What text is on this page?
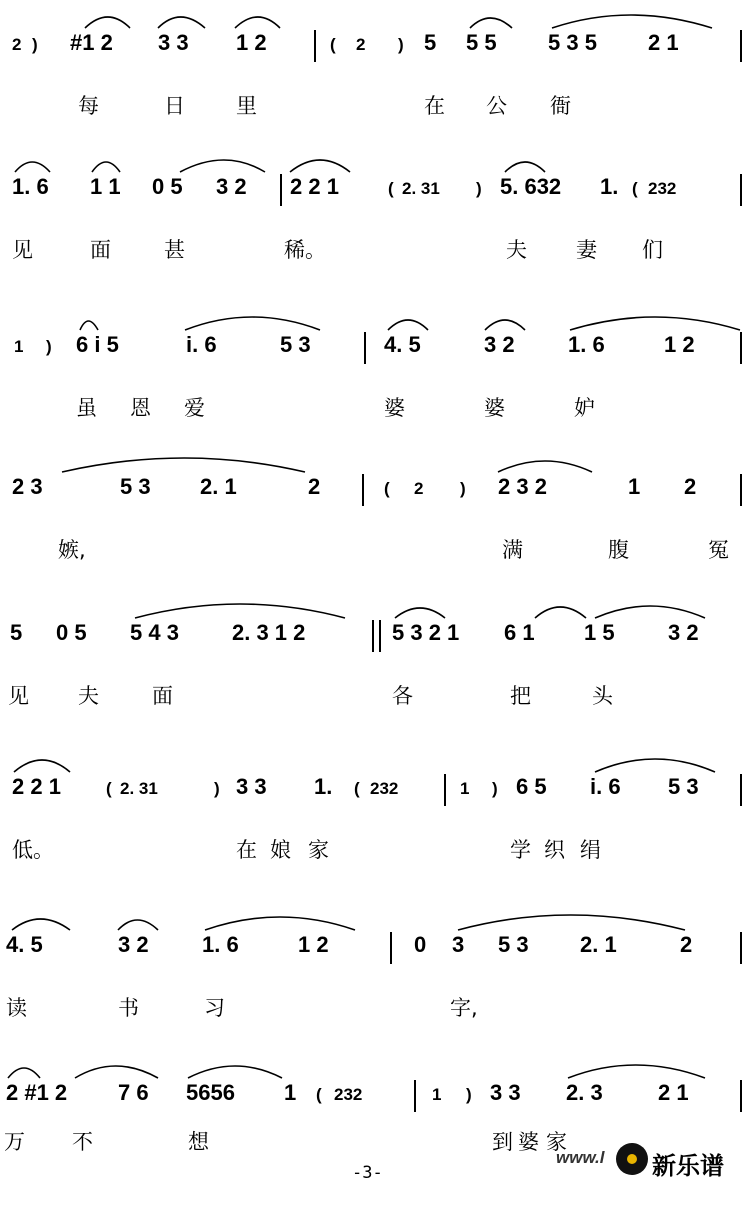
2 ) #1 2 3 3 1 2	( 2 ) 5 5 5 5 3 5 2 1
每	日 里	在 公 衙
1. 6 1 1 0 5 3 2 2 2 1	( 2. 31 ) 5. 632 1. ( 232
见	面	甚	稀。	夫 妻 们
1 ) 6 i 5	i. 6	5 3	4. 5	3 2 1. 6	1 2
虽 恩 爱	婆	婆	妒
2 3	5 3 2. 1	2	( 2 ) 2 3 2	1 2
嫉,	满	腹	冤
5 0 5 5 4 3 2. 3 1 2	5 3 2 1 6 1 1 5 3 2
见 夫	面	各	把	头
2 2 1	( 2. 31	) 3 3 1. ( 232	1 ) 6 5 i. 6 5 3
低。	在 娘 家	学 织 绢
4. 5	3 2 1. 6	1 2	0 3 5 3 2. 1	2
读	书	习	字,
2 #1 2 7 6 5656 1 ( 232	1 ) 3 3 2. 3	2 1
万 不	想	到 婆 家
-3-
www.l 新乐谱
